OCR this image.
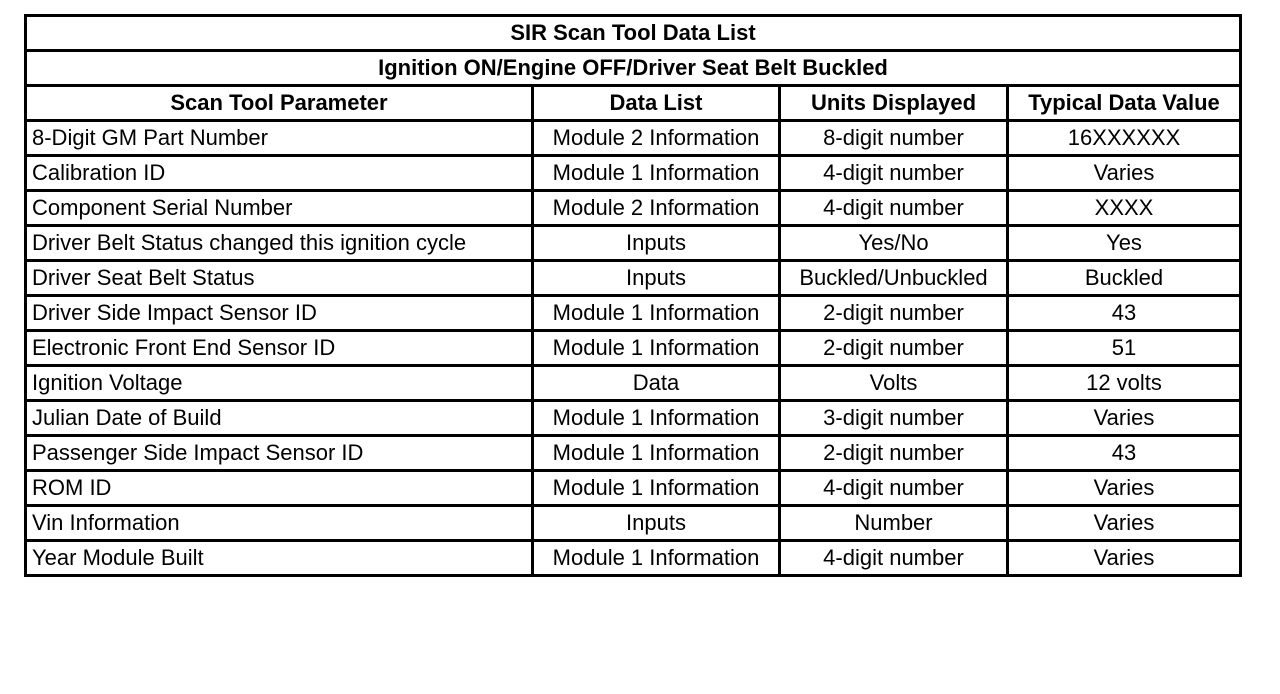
SIR Scan Tool Data List			
Ignition ON/Engine OFF/Driver Seat Belt Buckled			
Scan Tool Parameter	Data List	Units Displayed	Typical Data Value
8-Digit GM Part Number	Module 2 Information	8-digit number	16XXXXXX
Calibration ID	Module 1 Information	4-digit number	Varies
Component Serial Number	Module 2 Information	4-digit number	XXXX
Driver Belt Status changed this ignition cycle	Inputs	Yes/No	Yes
Driver Seat Belt Status	Inputs	Buckled/Unbuckled	Buckled
Driver Side Impact Sensor ID	Module 1 Information	2-digit number	43
Electronic Front End Sensor ID	Module 1 Information	2-digit number	51
Ignition Voltage	Data	Volts	12 volts
Julian Date of Build	Module 1 Information	3-digit number	Varies
Passenger Side Impact Sensor ID	Module 1 Information	2-digit number	43
ROM ID	Module 1 Information	4-digit number	Varies
Vin Information	Inputs	Number	Varies
Year Module Built	Module 1 Information	4-digit number	Varies
